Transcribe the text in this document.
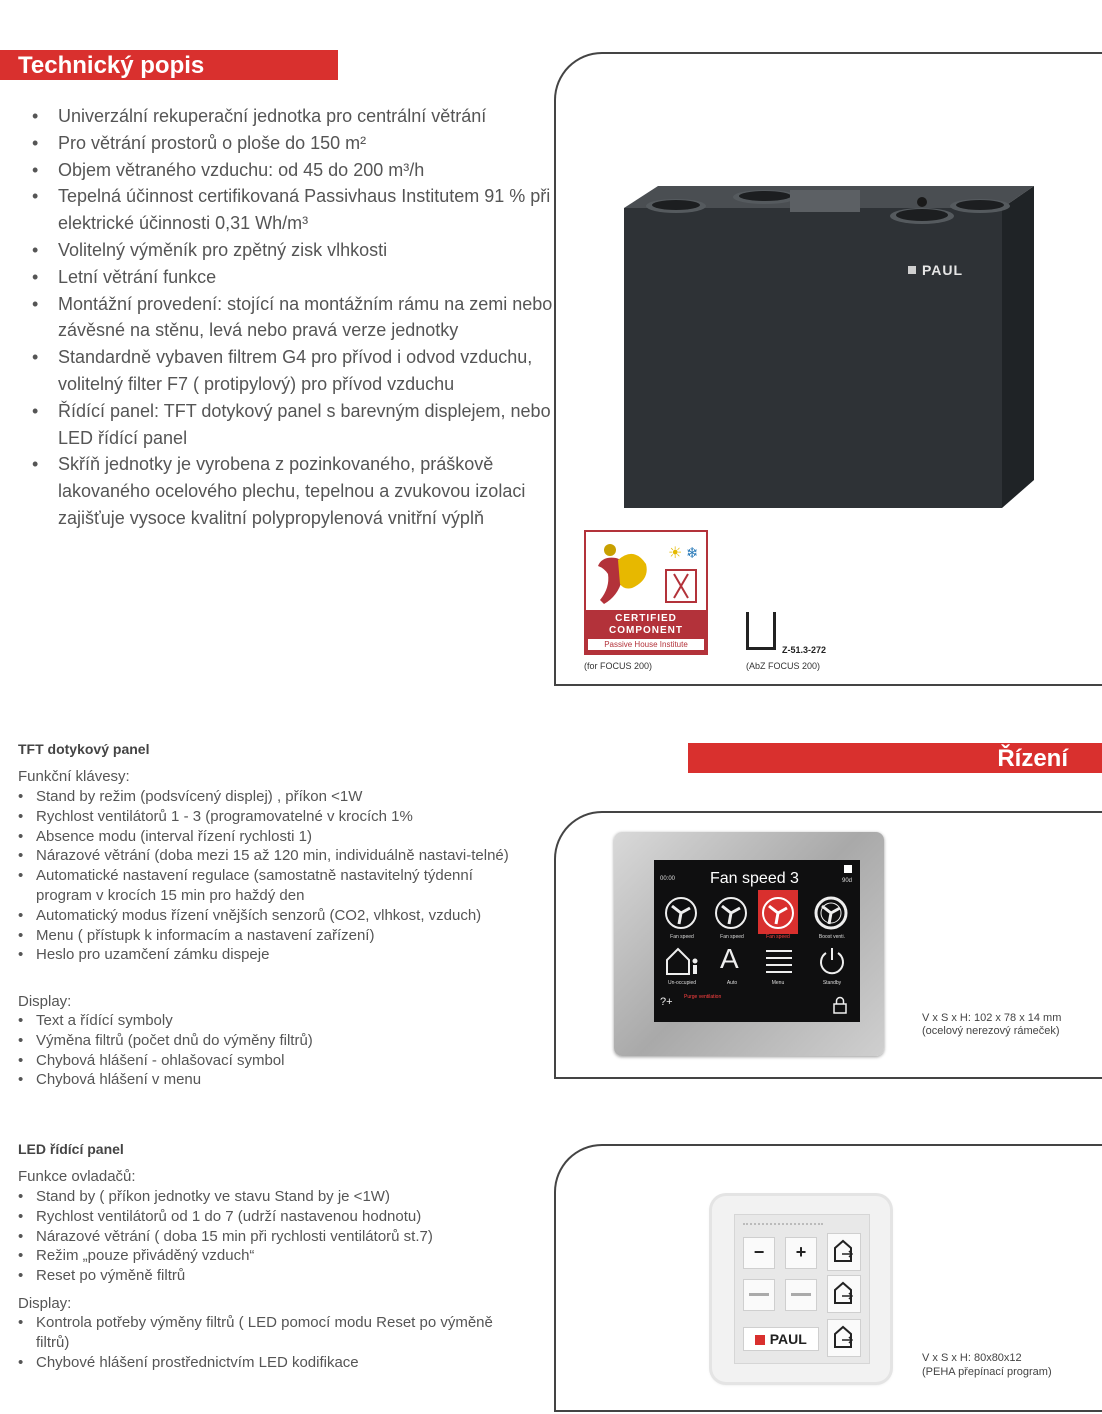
Technický popis
• Univerzální rekuperační jednotka pro centrální větrání
• Pro větrání prostorů o ploše do 150 m²
• Objem větraného vzduchu: od 45 do 200 m³/h
• Tepelná účinnost certifikovaná Passivhaus Institutem 91 % při elektrické účinnosti 0,31 Wh/m³
• Volitelný výměník pro zpětný zisk vlhkosti
• Letní větrání funkce
• Montážní provedení: stojící na montážním rámu na zemi nebo závěsné na stěnu, levá nebo pravá verze jednotky
• Standardně vybaven filtrem G4 pro přívod i odvod vzduchu, volitelný filter F7 ( protipylový) pro přívod vzduchu
• Řídící panel: TFT dotykový panel s barevným displejem, nebo LED řídící panel
• Skříň jednotky je vyrobena z pozinkovaného, práškově lakovaného ocelového plechu, tepelnou a zvukovou izolaci zajišťuje vysoce kvalitní polypropylenová vnitřní výplň
PAUL
☀ ❄
CERTIFIED
COMPONENT
Passive House Institute
(for FOCUS 200)
Z-51.3-272
(AbZ FOCUS 200)
Řízení
TFT dotykový panel
Funkční klávesy:
• Stand by režim (podsvícený displej) , příkon <1W
• Rychlost ventilátorů 1 - 3 (programovatelné v krocích 1%
• Absence modu (interval řízení rychlosti 1)
• Nárazové větrání (doba mezi 15 až 120 min, individuálně nastavi-telné)
• Automatické nastavení regulace (samostatně nastavitelný týdenní program v krocích 15 min pro haždý den
• Automatický modus řízení vnějších senzorů (CO2, vlhkost, vzduch)
• Menu ( přístupk k informacím a nastavení zařízení)
• Heslo pro uzamčení zámku dispeje
Display:
• Text a řídící symboly
• Výměna filtrů (počet dnů do výměny filtrů)
• Chybová hlášení - ohlašovací symbol
• Chybová hlášení v menu
00:00 Fan speed 3	90d
Fan speed	Fan speed	Fan speed	Boost venti.
Un-occupied
A
Auto	Menu	Standby
?+ Purge ventilation
V x S x H: 102 x 78 x 14 mm
(ocelový nerezový rámeček)
LED řídící panel
Funkce ovladačů:
• Stand by ( příkon jednotky ve stavu Stand by je <1W)
• Rychlost ventilátorů od 1 do 7 (udrží nastavenou hodnotu)
• Nárazové větrání ( doba 15 min při rychlosti ventilátorů st.7)
• Režim „pouze přiváděný vzduch“
• Reset po výměně filtrů
Display:
• Kontrola potřeby výměny filtrů ( LED pomocí modu Reset po výměně filtrů)
• Chybové hlášení prostřednictvím LED kodifikace
−	+
PAUL
V x S x H: 80x80x12
(PEHA přepínací program)
